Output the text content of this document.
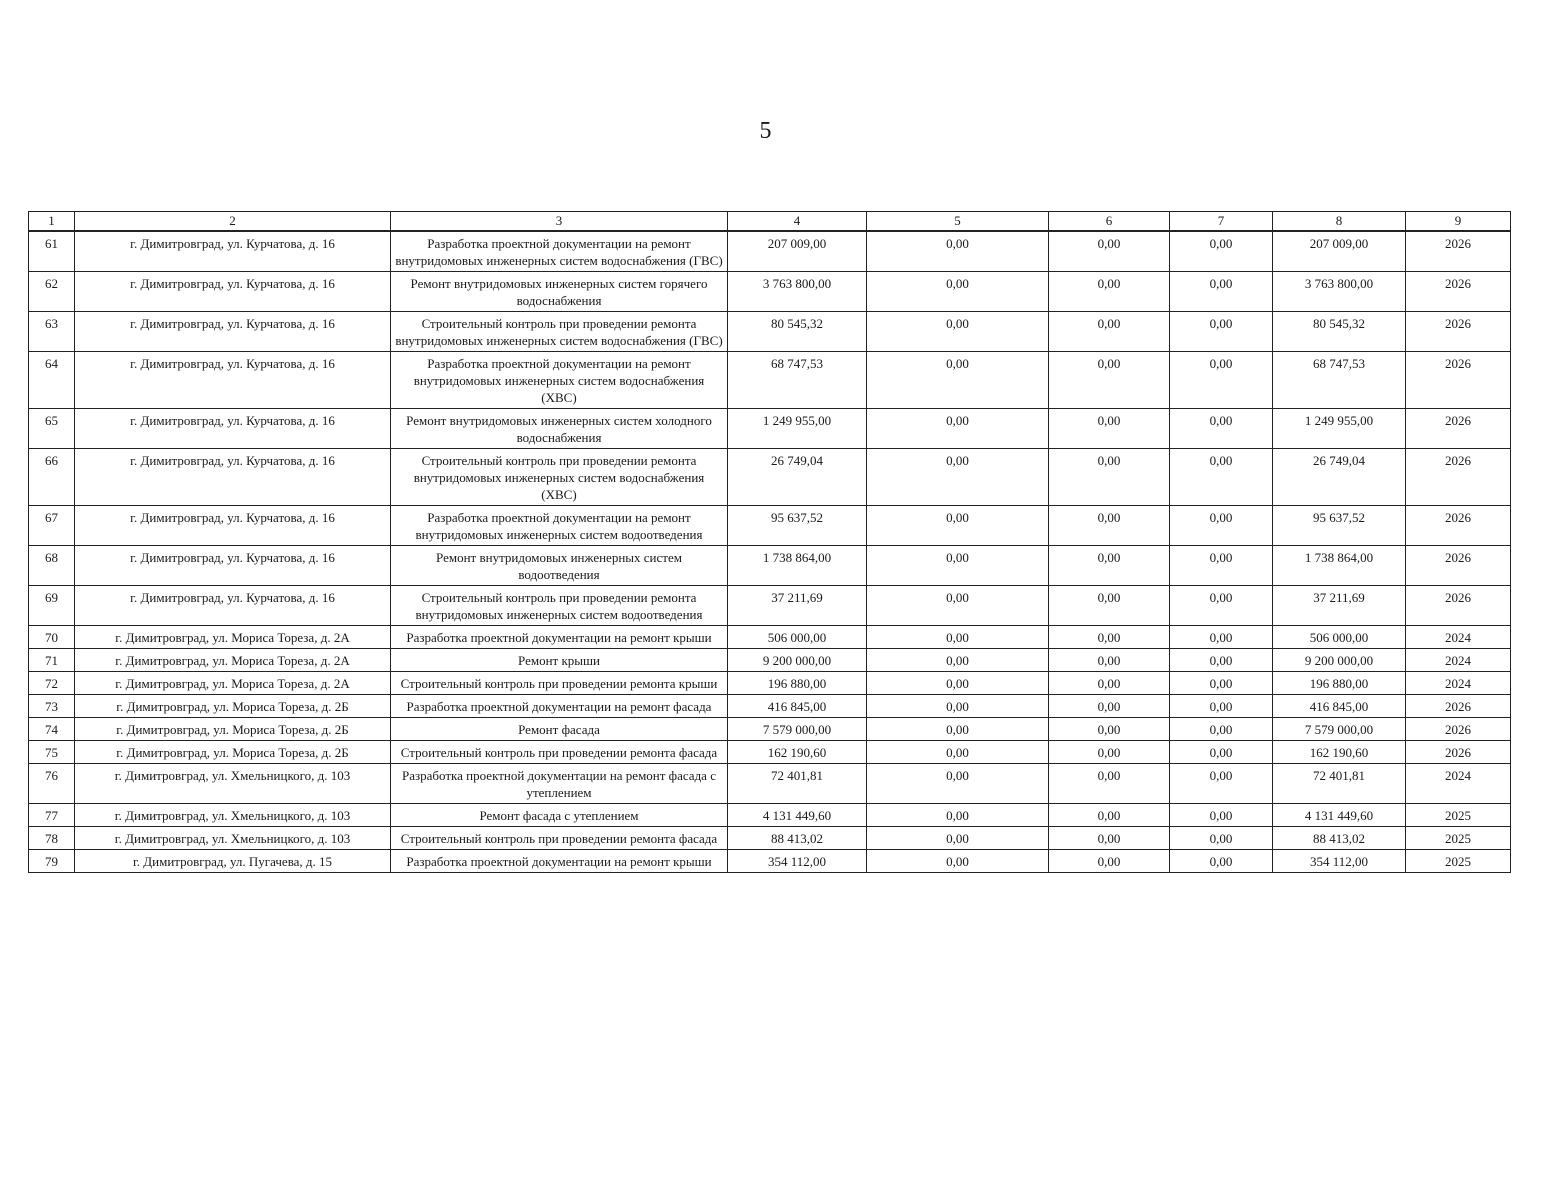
5
1	2	3	4	5	6	7	8	9
61	г. Димитровград, ул. Курчатова, д. 16	Разработка проектной документации на ремонт внутридомовых инженерных систем водоснабжения (ГВС)	207 009,00	0,00	0,00	0,00	207 009,00	2026
62	г. Димитровград, ул. Курчатова, д. 16	Ремонт внутридомовых инженерных систем горячего водоснабжения	3 763 800,00	0,00	0,00	0,00	3 763 800,00	2026
63	г. Димитровград, ул. Курчатова, д. 16	Строительный контроль при проведении ремонта внутридомовых инженерных систем водоснабжения (ГВС)	80 545,32	0,00	0,00	0,00	80 545,32	2026
64	г. Димитровград, ул. Курчатова, д. 16	Разработка проектной документации на ремонт внутридомовых инженерных систем водоснабжения (ХВС)	68 747,53	0,00	0,00	0,00	68 747,53	2026
65	г. Димитровград, ул. Курчатова, д. 16	Ремонт внутридомовых инженерных систем холодного водоснабжения	1 249 955,00	0,00	0,00	0,00	1 249 955,00	2026
66	г. Димитровград, ул. Курчатова, д. 16	Строительный контроль при проведении ремонта внутридомовых инженерных систем водоснабжения (ХВС)	26 749,04	0,00	0,00	0,00	26 749,04	2026
67	г. Димитровград, ул. Курчатова, д. 16	Разработка проектной документации на ремонт внутридомовых инженерных систем водоотведения	95 637,52	0,00	0,00	0,00	95 637,52	2026
68	г. Димитровград, ул. Курчатова, д. 16	Ремонт внутридомовых инженерных систем водоотведения	1 738 864,00	0,00	0,00	0,00	1 738 864,00	2026
69	г. Димитровград, ул. Курчатова, д. 16	Строительный контроль при проведении ремонта внутридомовых инженерных систем водоотведения	37 211,69	0,00	0,00	0,00	37 211,69	2026
70	г. Димитровград, ул. Мориса Тореза, д. 2А	Разработка проектной документации на ремонт крыши	506 000,00	0,00	0,00	0,00	506 000,00	2024
71	г. Димитровград, ул. Мориса Тореза, д. 2А	Ремонт крыши	9 200 000,00	0,00	0,00	0,00	9 200 000,00	2024
72	г. Димитровград, ул. Мориса Тореза, д. 2А	Строительный контроль при проведении ремонта крыши	196 880,00	0,00	0,00	0,00	196 880,00	2024
73	г. Димитровград, ул. Мориса Тореза, д. 2Б	Разработка проектной документации на ремонт фасада	416 845,00	0,00	0,00	0,00	416 845,00	2026
74	г. Димитровград, ул. Мориса Тореза, д. 2Б	Ремонт фасада	7 579 000,00	0,00	0,00	0,00	7 579 000,00	2026
75	г. Димитровград, ул. Мориса Тореза, д. 2Б	Строительный контроль при проведении ремонта фасада	162 190,60	0,00	0,00	0,00	162 190,60	2026
76	г. Димитровград, ул. Хмельницкого, д. 103	Разработка проектной документации на ремонт фасада с утеплением	72 401,81	0,00	0,00	0,00	72 401,81	2024
77	г. Димитровград, ул. Хмельницкого, д. 103	Ремонт фасада с утеплением	4 131 449,60	0,00	0,00	0,00	4 131 449,60	2025
78	г. Димитровград, ул. Хмельницкого, д. 103	Строительный контроль при проведении ремонта фасада	88 413,02	0,00	0,00	0,00	88 413,02	2025
79	г. Димитровград, ул. Пугачева, д. 15	Разработка проектной документации на ремонт крыши	354 112,00	0,00	0,00	0,00	354 112,00	2025
